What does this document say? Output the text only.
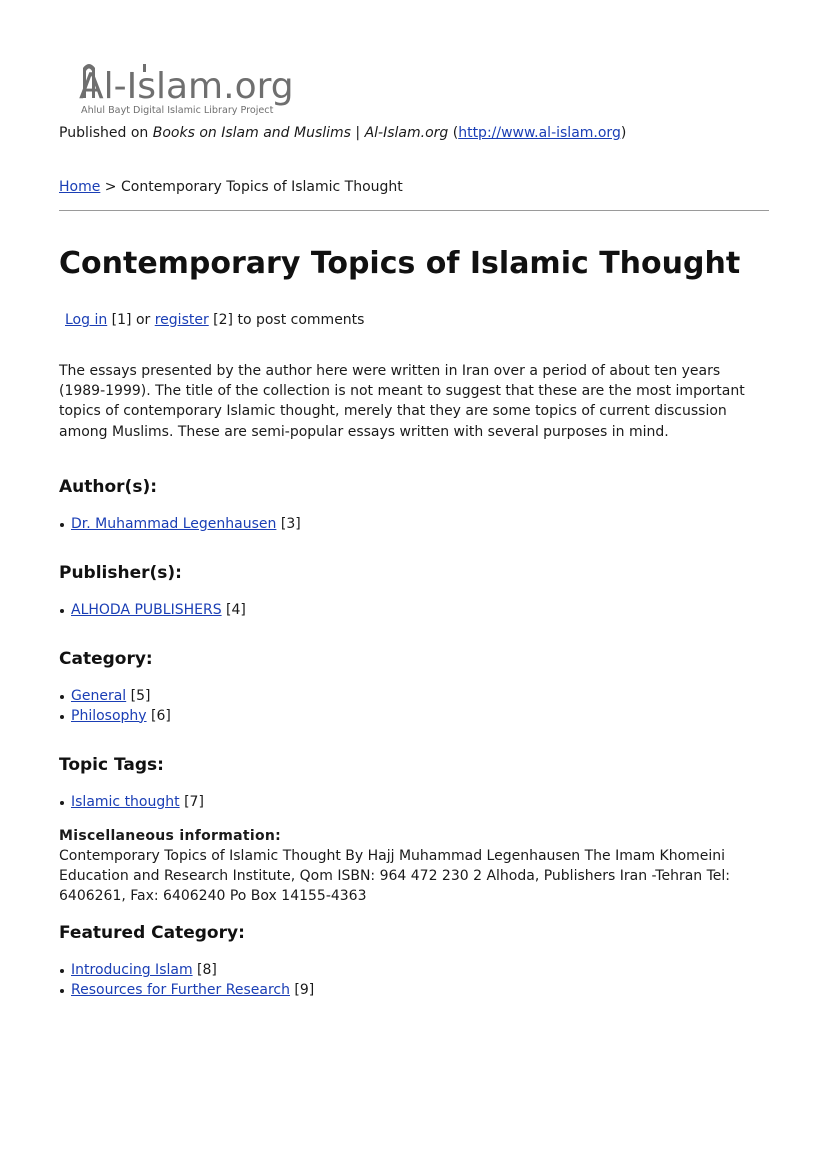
Al-Islam.org
Ahlul Bayt Digital Islamic Library Project
Published on Books on Islam and Muslims | Al-Islam.org (http://www.al-islam.org)
Home > Contemporary Topics of Islamic Thought
Contemporary Topics of Islamic Thought
Log in [1] or register [2] to post comments

The essays presented by the author here were written in Iran over a period of about ten years (1989-1999). The title of the collection is not meant to suggest that these are the most important topics of contemporary Islamic thought, merely that they are some topics of current discussion among Muslims. These are semi-popular essays written with several purposes in mind.

Author(s):
Dr. Muhammad Legenhausen [3]
Publisher(s):
ALHODA PUBLISHERS [4]
Category:
General [5]
Philosophy [6]
Topic Tags:
Islamic thought [7]
Miscellaneous information:
Contemporary Topics of Islamic Thought By Hajj Muhammad Legenhausen The Imam Khomeini Education and Research Institute, Qom ISBN: 964 472 230 2 Alhoda, Publishers Iran -Tehran Tel: 6406261, Fax: 6406240 Po Box 14155-4363
Featured Category:
Introducing Islam [8]
Resources for Further Research [9]
